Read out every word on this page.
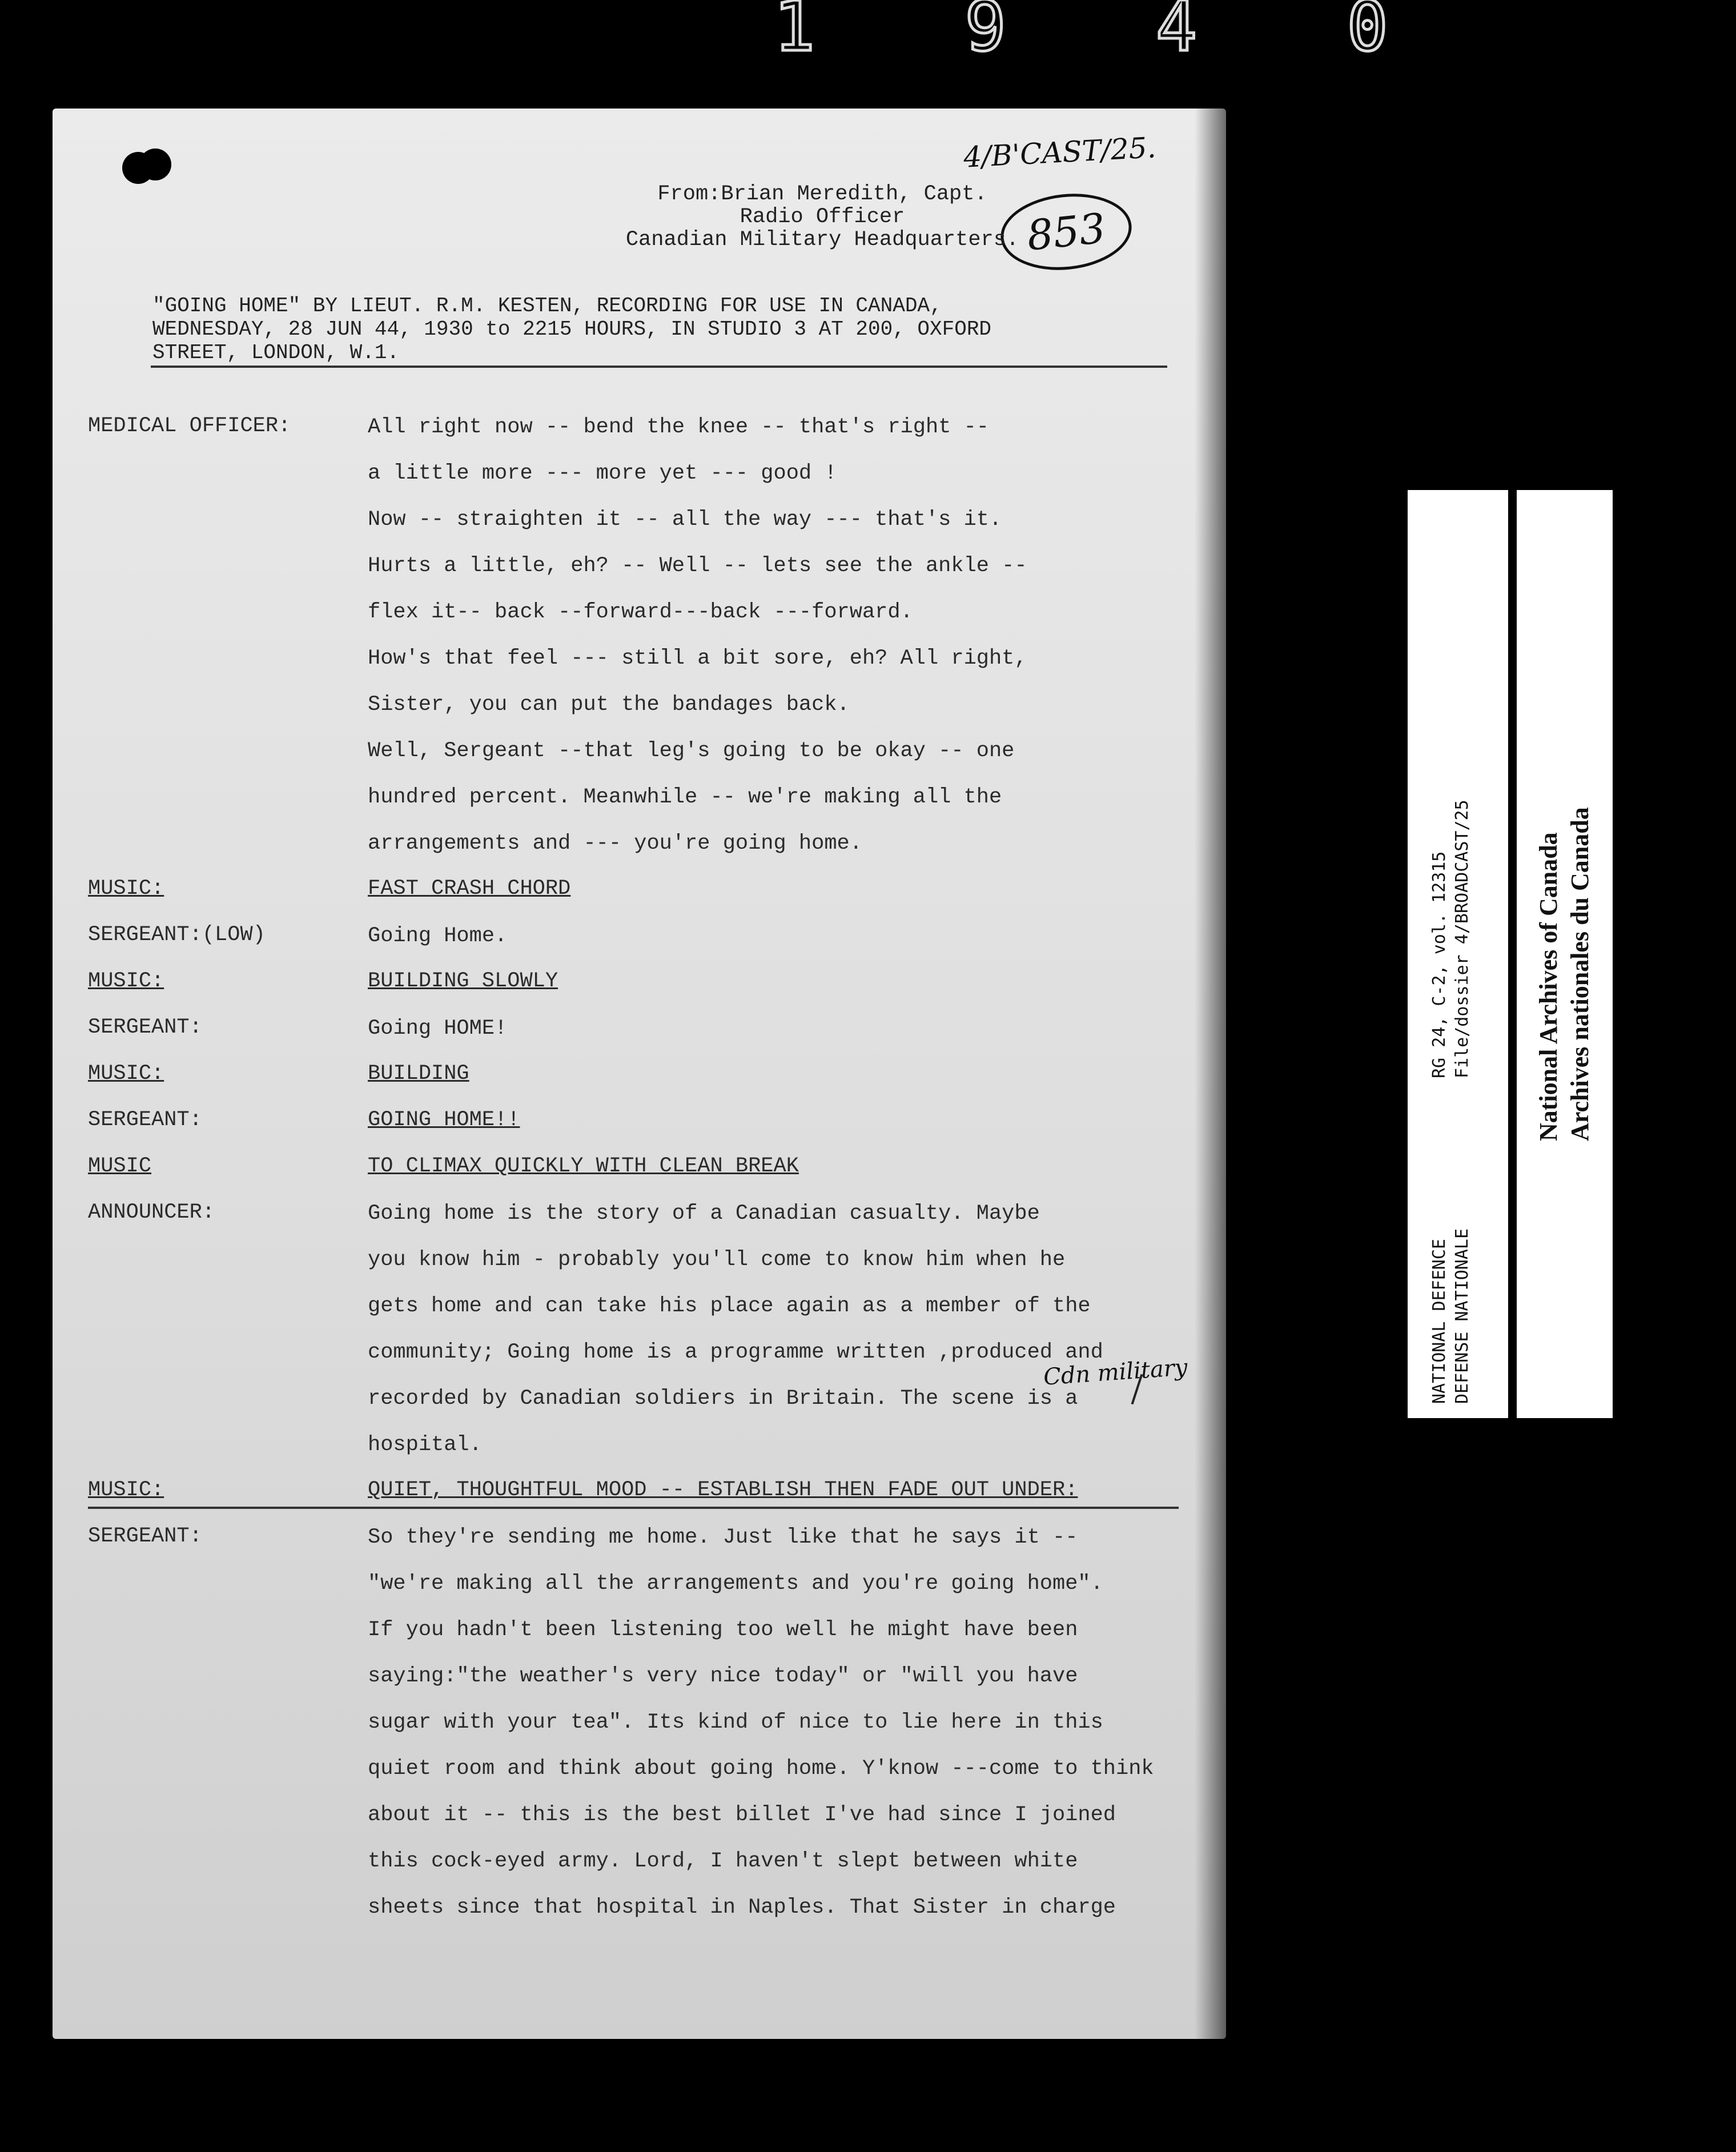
1 9 4 0
4/B'CAST/25.
853
From:Brian Meredith, Capt.
Radio Officer
Canadian Military Headquarters.
"GOING HOME" BY LIEUT. R.M. KESTEN, RECORDING FOR USE IN CANADA,
WEDNESDAY, 28 JUN 44, 1930 to 2215 HOURS, IN STUDIO 3 AT 200, OXFORD
STREET, LONDON, W.1.
MEDICAL OFFICER:	All right now -- bend the knee -- that's right --
a little more --- more yet --- good !
Now -- straighten it -- all the way --- that's it.
Hurts a little, eh? -- Well -- lets see the ankle --
flex it-- back --forward---back ---forward.
How's that feel --- still a bit sore, eh? All right,
Sister, you can put the bandages back.
Well, Sergeant --that leg's going to be okay -- one
hundred percent. Meanwhile -- we're making all the
arrangements and --- you're going home.
MUSIC:	FAST CRASH CHORD
SERGEANT:(LOW)	Going Home.
MUSIC:	BUILDING SLOWLY
SERGEANT:	Going HOME!
MUSIC:	BUILDING
SERGEANT:	GOING HOME!!
MUSIC	TO CLIMAX QUICKLY WITH CLEAN BREAK
ANNOUNCER:	Going home is the story of a Canadian casualty. Maybe
you know him - probably you'll come to know him when he
gets home and can take his place again as a member of the
community; Going home is a programme written ,produced and
recorded by Canadian soldiers in Britain. The scene is a
hospital.
MUSIC:	QUIET, THOUGHTFUL MOOD -- ESTABLISH THEN FADE OUT UNDER:
SERGEANT:	So they're sending me home. Just like that he says it --
"we're making all the arrangements and you're going home".
If you hadn't been listening too well he might have been
saying:"the weather's very nice today" or "will you have
sugar with your tea". Its kind of nice to lie here in this
quiet room and think about going home. Y'know ---come to think
about it -- this is the best billet I've had since I joined
this cock-eyed army. Lord, I haven't slept between white
sheets since that hospital in Naples. That Sister in charge
Cdn military
RG 24, C-2, vol. 12315 File/dossier 4/BROADCAST/25
NATIONAL DEFENCE DEFENSE NATIONALE
National Archives of Canada Archives nationales du Canada
